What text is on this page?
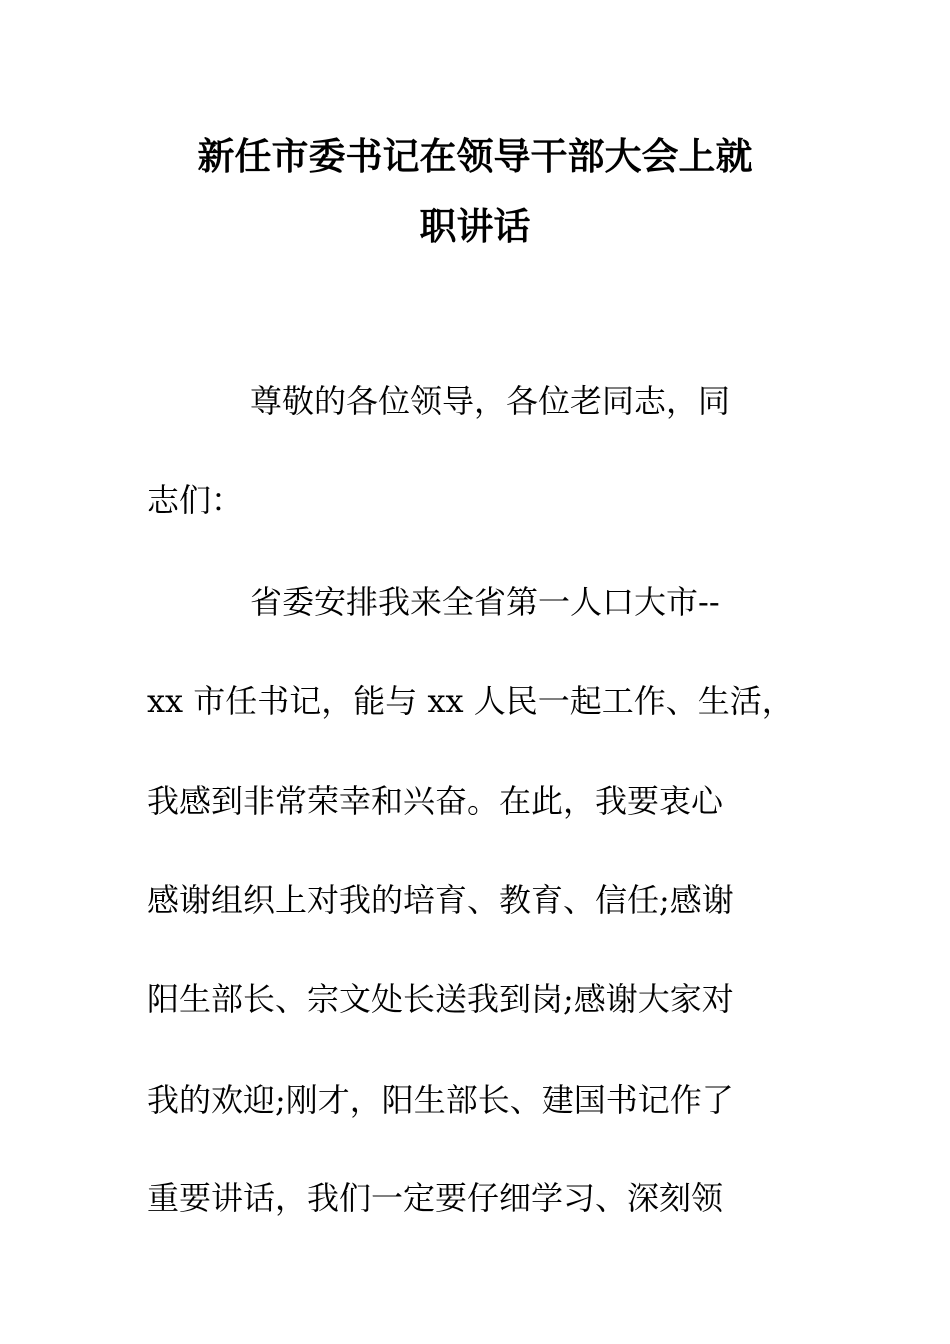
新任市委书记在领导干部大会上就
职讲话
尊敬的各位领导，各位老同志，同
志们：
省委安排我来全省第一人口大市--
xx 市任书记，能与 xx 人民一起工作、生活，
我感到非常荣幸和兴奋。在此，我要衷心
感谢组织上对我的培育、教育、信任;感谢
阳生部长、宗文处长送我到岗;感谢大家对
我的欢迎;刚才，阳生部长、建国书记作了
重要讲话，我们一定要仔细学习、深刻领
